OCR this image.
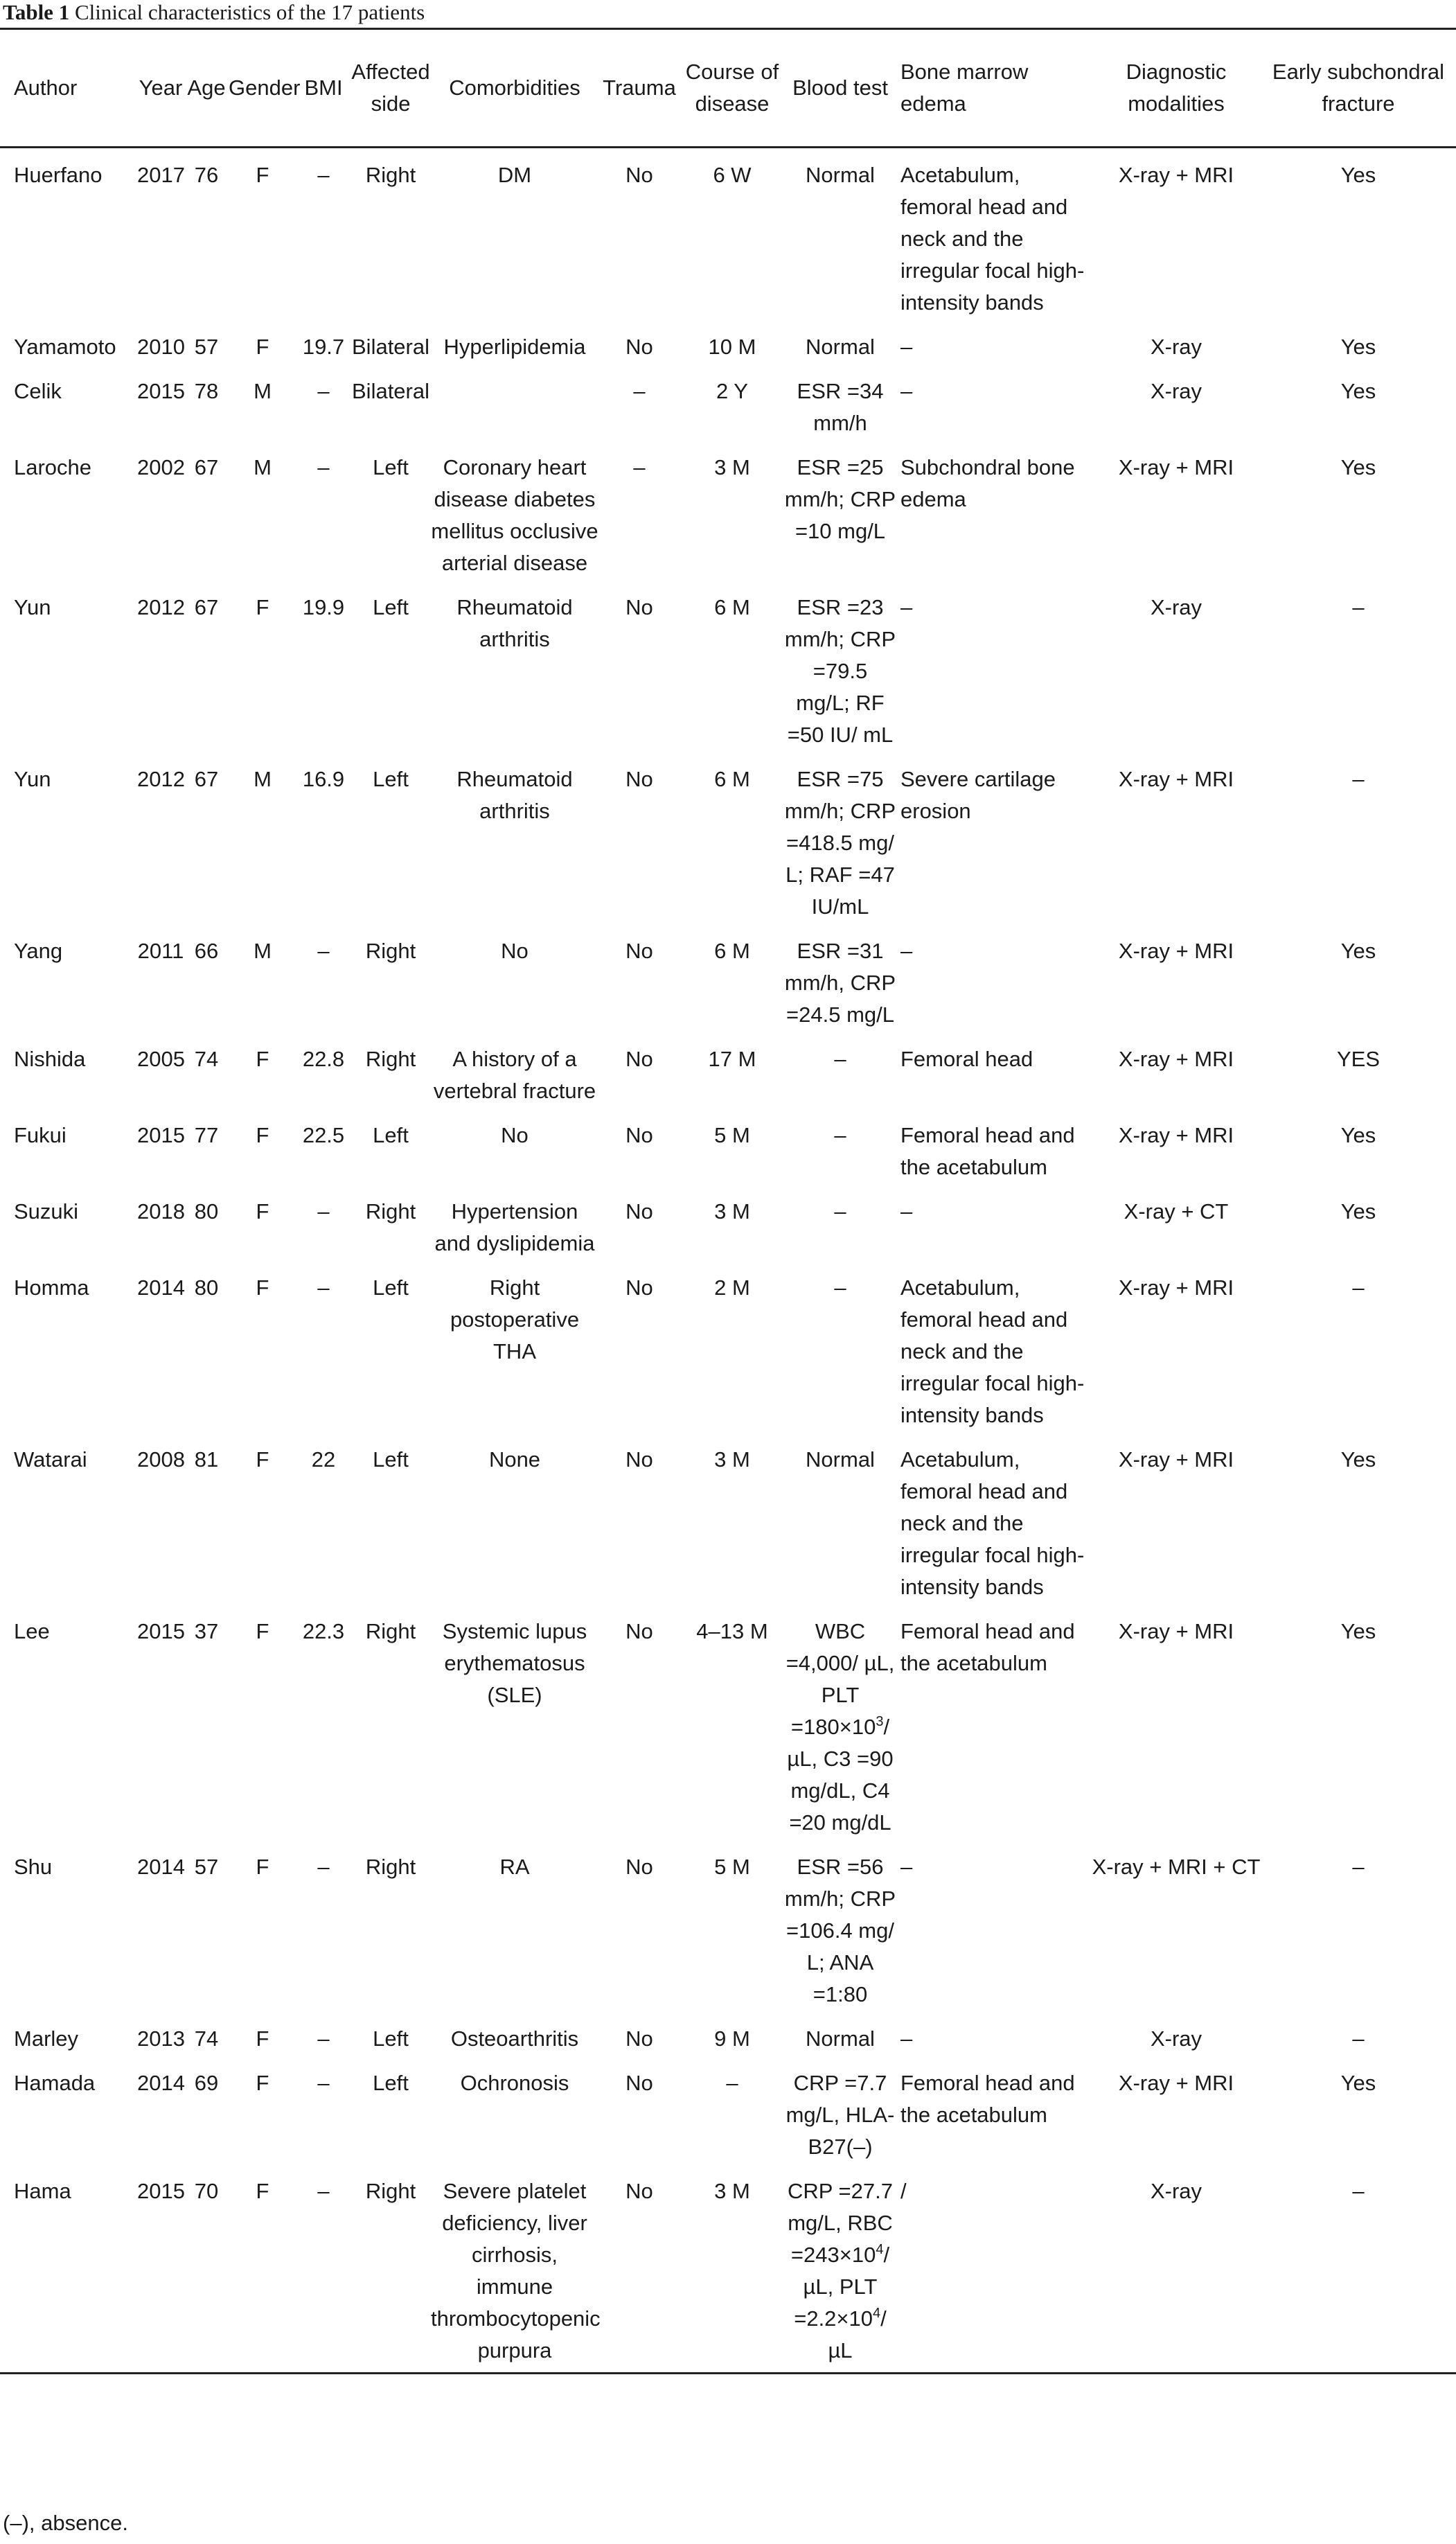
Table 1 Clinical characteristics of the 17 patients
Author	Year	Age	Gender	BMI	Affected side	Comorbidities	Trauma	Course of disease	Blood test	Bone marrow edema	Diagnostic modalities	Early subchondral fracture
Huerfano	2017	76	F	–	Right	DM	No	6 W	Normal	Acetabulum, femoral head and neck and the irregular focal high-intensity bands	X-ray + MRI	Yes
Yamamoto	2010	57	F	19.7	Bilateral	Hyperlipidemia	No	10 M	Normal	–	X-ray	Yes
Celik	2015	78	M	–	Bilateral		–	2 Y	ESR =34 mm/h	–	X-ray	Yes
Laroche	2002	67	M	–	Left	Coronary heart disease diabetes mellitus occlusive arterial disease	–	3 M	ESR =25 mm/h; CRP =10 mg/L	Subchondral bone edema	X-ray + MRI	Yes
Yun	2012	67	F	19.9	Left	Rheumatoid arthritis	No	6 M	ESR =23 mm/h; CRP =79.5 mg/L; RF =50 IU/ mL	–	X-ray	–
Yun	2012	67	M	16.9	Left	Rheumatoid arthritis	No	6 M	ESR =75 mm/h; CRP =418.5 mg/ L; RAF =47 IU/mL	Severe cartilage erosion	X-ray + MRI	–
Yang	2011	66	M	–	Right	No	No	6 M	ESR =31 mm/h, CRP =24.5 mg/L	–	X-ray + MRI	Yes
Nishida	2005	74	F	22.8	Right	A history of a vertebral fracture	No	17 M	–	Femoral head	X-ray + MRI	YES
Fukui	2015	77	F	22.5	Left	No	No	5 M	–	Femoral head and the acetabulum	X-ray + MRI	Yes
Suzuki	2018	80	F	–	Right	Hypertension and dyslipidemia	No	3 M	–	–	X-ray + CT	Yes
Homma	2014	80	F	–	Left	Right postoperative THA	No	2 M	–	Acetabulum, femoral head and neck and the irregular focal high-intensity bands	X-ray + MRI	–
Watarai	2008	81	F	22	Left	None	No	3 M	Normal	Acetabulum, femoral head and neck and the irregular focal high-intensity bands	X-ray + MRI	Yes
Lee	2015	37	F	22.3	Right	Systemic lupus erythematosus (SLE)	No	4–13 M	WBC =4,000/ µL, PLT $=180\times 10^3/$ µL, C3 =90 mg/dL, C4 =20 mg/dL	Femoral head and the acetabulum	X-ray + MRI	Yes
Shu	2014	57	F	–	Right	RA	No	5 M	ESR =56 mm/h; CRP =106.4 mg/ L; ANA =1:80	–	X-ray + MRI + CT	–
Marley	2013	74	F	–	Left	Osteoarthritis	No	9 M	Normal	–	X-ray	–
Hamada	2014	69	F	–	Left	Ochronosis	No	–	CRP =7.7 mg/L, HLA-B27(–)	Femoral head and the acetabulum	X-ray + MRI	Yes
Hama	2015	70	F	–	Right	Severe platelet deficiency, liver cirrhosis, immune thrombocytopenic purpura	No	3 M	CRP =27.7 mg/L, RBC $=243\times 10^4/$ µL, PLT $=2.2\times 10^4/\mu L$	/	X-ray	–
(–), absence.
